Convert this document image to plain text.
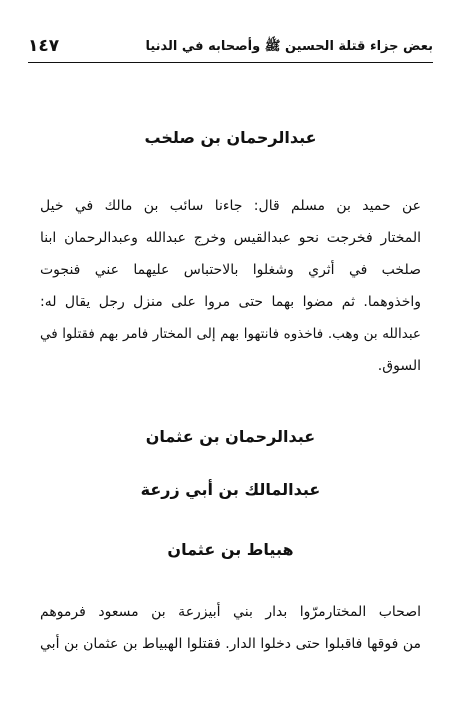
بعض جزاء قتلة الحسين ﷺ وأصحابه في الدنيا
١٤٧
عبدالرحمان بن صلخب
عن حميد بن مسلم قال: جاءنا سائب بن مالك في خيل
المختار فخرجت نحو عبدالقيس وخرج عبدالله وعبدالرحمان ابنا
صلخب في أثري وشغلوا بالاحتباس عليهما عني فنجوت
واخذوهما. ثم مضوا بهما حتى مروا على منزل رجل يقال له:
عبدالله بن وهب. فاخذوه فانتهوا بهم إلى المختار فامر بهم فقتلوا في
السوق.
عبدالرحمان بن عثمان
عبدالمالك بن أبي زرعة
هبياط بن عثمان
اصحاب المختارمرّوا بدار بني أبيزرعة بن مسعود فرموهم
من فوقها فاقبلوا حتى دخلوا الدار. فقتلوا الهبياط بن عثمان بن أبي
